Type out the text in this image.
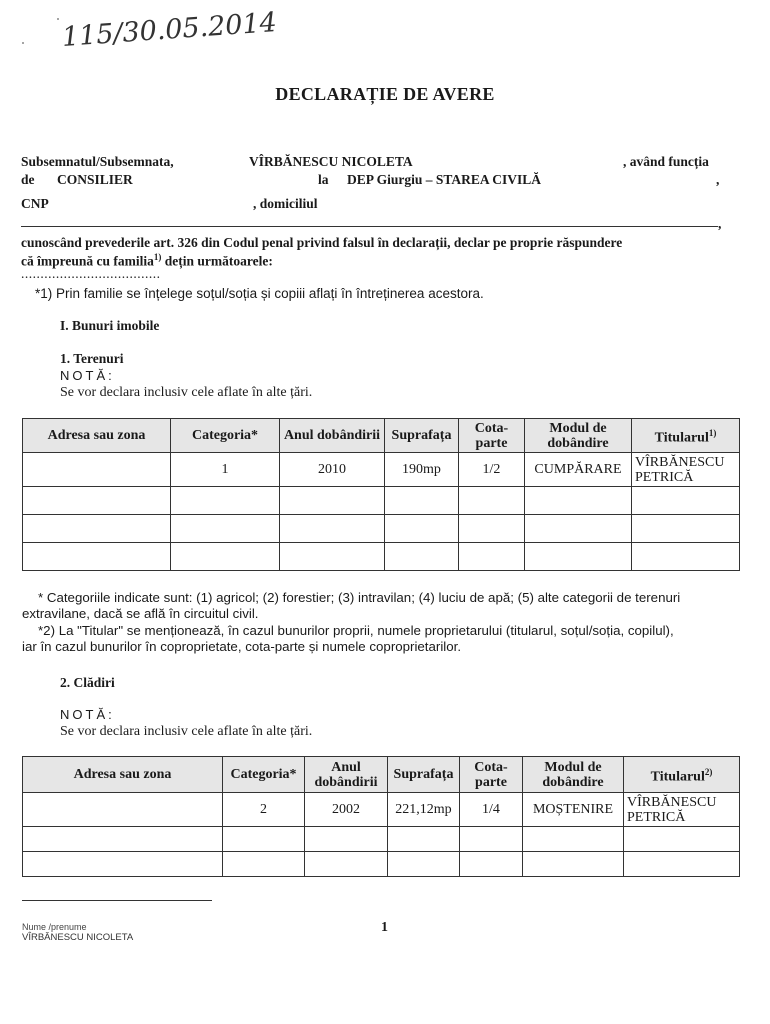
115/30.05.2014
DECLARAȚIE DE AVERE
Subsemnatul/Subsemnata,	VÎRBĂNESCU NICOLETA	, având funcția
de CONSILIER	la DEP Giurgiu – STAREA CIVILĂ	,
CNP	, domiciliul
,
cunoscând prevederile art. 326 din Codul penal privind falsul în declarații, declar pe proprie răspundere
că împreună cu familia$^{1)}$ dețin următoarele:
....................................
*1) Prin familie se înțelege soțul/soția și copiii aflați în întreținerea acestora.
I. Bunuri imobile
1. Terenuri
NOTĂ:
Se vor declara inclusiv cele aflate în alte țări.
Adresa sau zona	Categoria*	Anul dobândirii	Suprafața	Cota-parte	Modul de dobândire	Titularul$^{1)}$
	1	2010	190mp	1/2	CUMPĂRARE	VÎRBĂNESCU PETRICĂ

* Categoriile indicate sunt: (1) agricol; (2) forestier; (3) intravilan; (4) luciu de apă; (5) alte categorii de terenuri
extravilane, dacă se află în circuitul civil.
*2) La "Titular" se menționează, în cazul bunurilor proprii, numele proprietarului (titularul, soțul/soția, copilul),
iar în cazul bunurilor în coproprietate, cota-parte și numele coproprietarilor.
2. Clădiri
NOTĂ:
Se vor declara inclusiv cele aflate în alte țări.
Adresa sau zona	Categoria*	Anul dobândirii	Suprafața	Cota-parte	Modul de dobândire	Titularul$^{2)}$
	2	2002	221,12mp	1/4	MOȘTENIRE	VÎRBĂNESCU PETRICĂ

Nume /prenume
VÎRBĂNESCU NICOLETA
1
